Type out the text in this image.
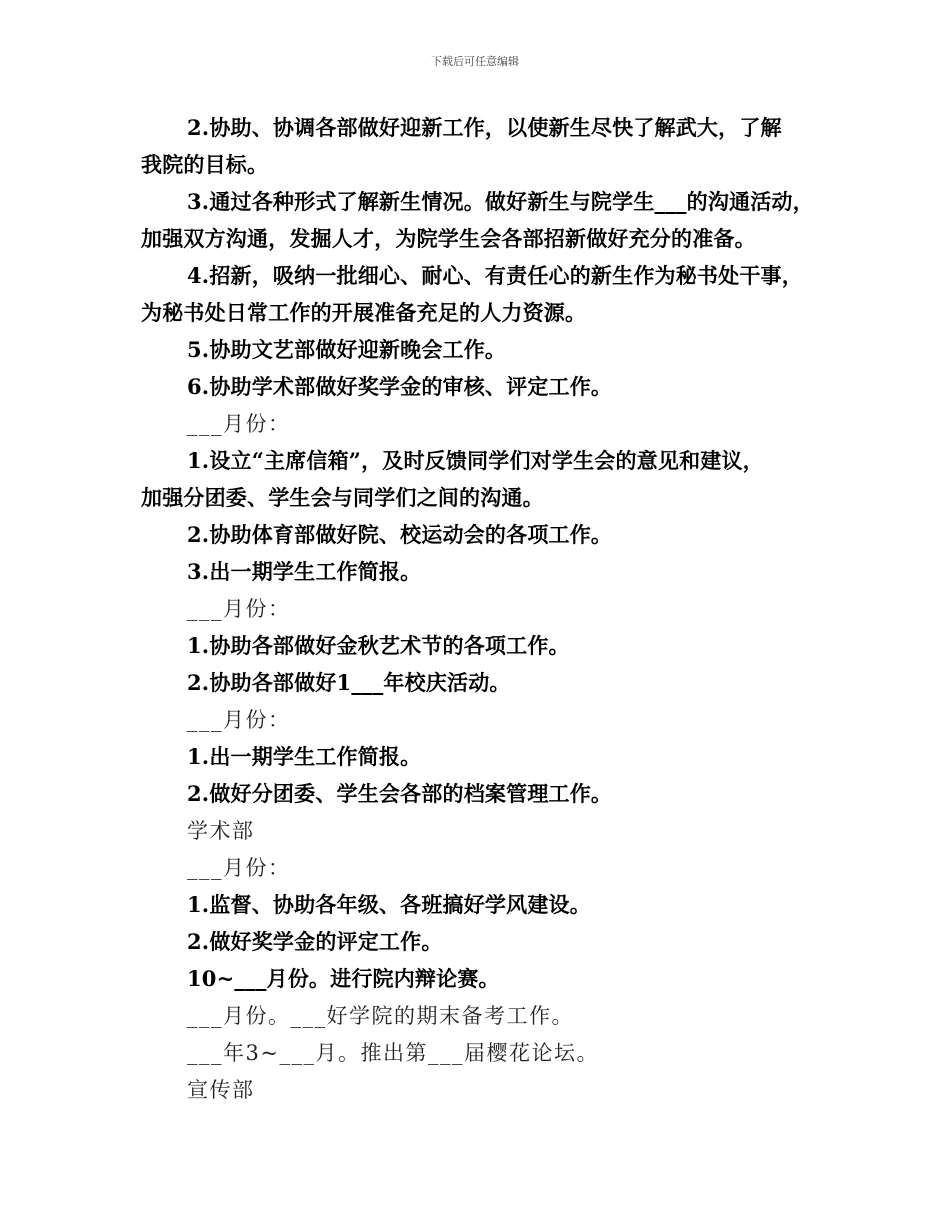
下载后可任意编辑
2.协助、协调各部做好迎新工作，以使新生尽快了解武大，了解
我院的目标。
3.通过各种形式了解新生情况。做好新生与院学生___的沟通活动，
加强双方沟通，发掘人才，为院学生会各部招新做好充分的准备。
4.招新，吸纳一批细心、耐心、有责任心的新生作为秘书处干事，
为秘书处日常工作的开展准备充足的人力资源。
5.协助文艺部做好迎新晚会工作。
6.协助学术部做好奖学金的审核、评定工作。
___月份：
1.设立“主席信箱”，及时反馈同学们对学生会的意见和建议，
加强分团委、学生会与同学们之间的沟通。
2.协助体育部做好院、校运动会的各项工作。
3.出一期学生工作简报。
___月份：
1.协助各部做好金秋艺术节的各项工作。
2.协助各部做好1___年校庆活动。
___月份：
1.出一期学生工作简报。
2.做好分团委、学生会各部的档案管理工作。
学术部
___月份：
1.监督、协助各年级、各班搞好学风建设。
2.做好奖学金的评定工作。
10~___月份。进行院内辩论赛。
___月份。___好学院的期末备考工作。
___年3~___月。推出第___届樱花论坛。
宣传部
